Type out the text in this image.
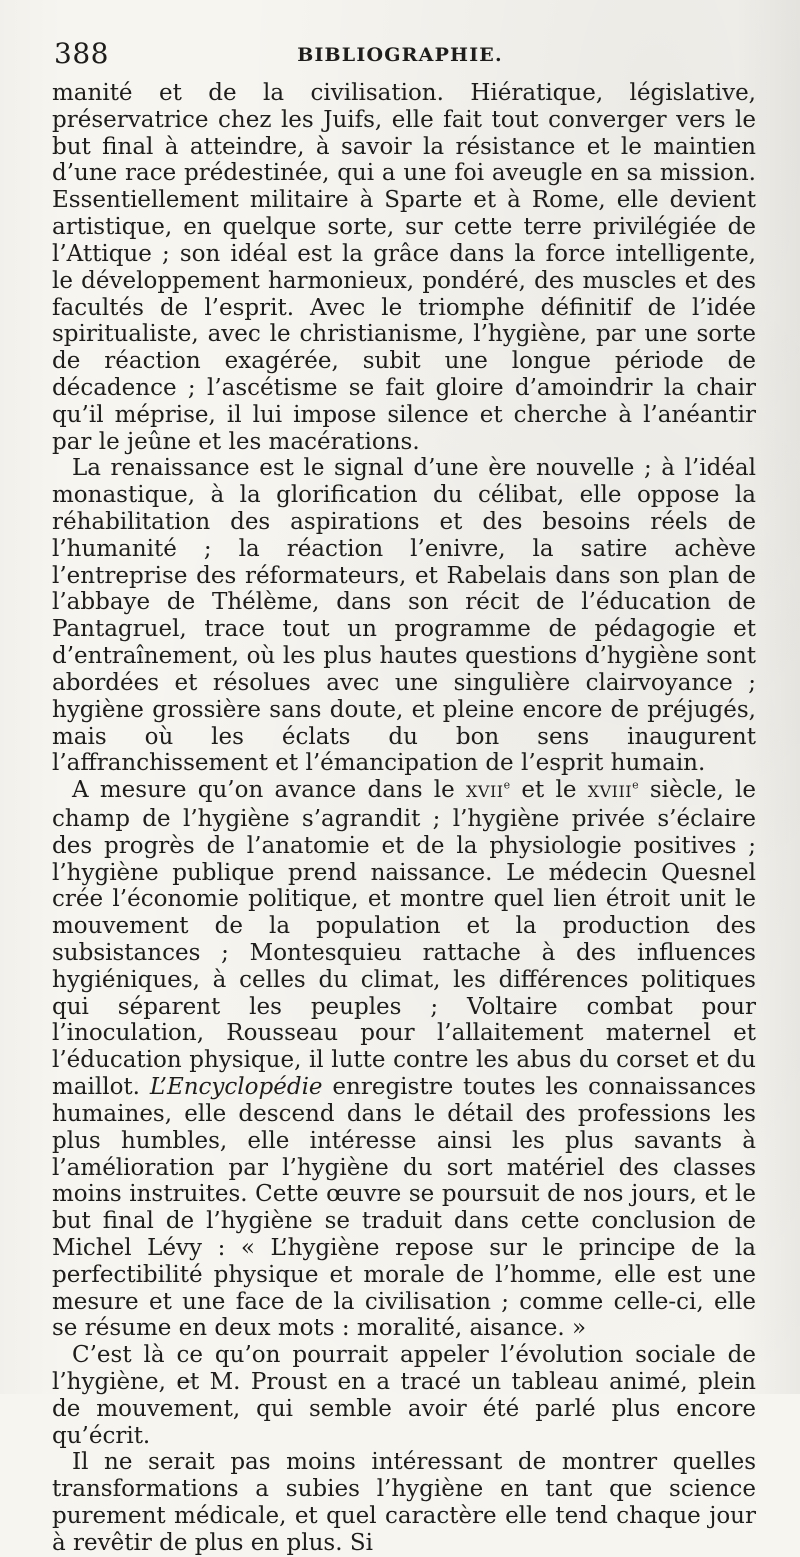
388	BIBLIOGRAPHIE.

manité et de la civilisation. Hiératique, législative, préservatrice chez les Juifs, elle fait tout converger vers le but final à atteindre, à savoir la résistance et le maintien d’une race prédestinée, qui a une foi aveugle en sa mission. Essentiellement militaire à Sparte et à Rome, elle devient artistique, en quelque sorte, sur cette terre privilégiée de l’Attique ; son idéal est la grâce dans la force intelligente, le développement harmonieux, pondéré, des muscles et des facultés de l’esprit. Avec le triomphe définitif de l’idée spiritualiste, avec le christianisme, l’hygiène, par une sorte de réaction exagérée, subit une longue période de décadence ; l’ascétisme se fait gloire d’amoindrir la chair qu’il méprise, il lui impose silence et cherche à l’anéantir par le jeûne et les macérations.

La renaissance est le signal d’une ère nouvelle ; à l’idéal monastique, à la glorification du célibat, elle oppose la réhabilitation des aspirations et des besoins réels de l’humanité ; la réaction l’enivre, la satire achève l’entreprise des réformateurs, et Rabelais dans son plan de l’abbaye de Thélème, dans son récit de l’éducation de Pantagruel, trace tout un programme de pédagogie et d’entraînement, où les plus hautes questions d’hygiène sont abordées et résolues avec une singulière clairvoyance ; hygiène grossière sans doute, et pleine encore de préjugés, mais où les éclats du bon sens inaugurent l’affranchissement et l’émancipation de l’esprit humain.

A mesure qu’on avance dans le XVIIe et le XVIIIe siècle, le champ de l’hygiène s’agrandit ; l’hygiène privée s’éclaire des progrès de l’anatomie et de la physiologie positives ; l’hygiène publique prend naissance. Le médecin Quesnel crée l’économie politique, et montre quel lien étroit unit le mouvement de la population et la production des subsistances ; Montesquieu rattache à des influences hygiéniques, à celles du climat, les différences politiques qui séparent les peuples ; Voltaire combat pour l’inoculation, Rousseau pour l’allaitement maternel et l’éducation physique, il lutte contre les abus du corset et du maillot. L’Encyclopédie enregistre toutes les connaissances humaines, elle descend dans le détail des professions les plus humbles, elle intéresse ainsi les plus savants à l’amélioration par l’hygiène du sort matériel des classes moins instruites. Cette œuvre se poursuit de nos jours, et le but final de l’hygiène se traduit dans cette conclusion de Michel Lévy : « L’hygiène repose sur le principe de la perfectibilité physique et morale de l’homme, elle est une mesure et une face de la civilisation ; comme celle-ci, elle se résume en deux mots : moralité, aisance. »

C’est là ce qu’on pourrait appeler l’évolution sociale de l’hygiène, et M. Proust en a tracé un tableau animé, plein de mouvement, qui semble avoir été parlé plus encore qu’écrit.

Il ne serait pas moins intéressant de montrer quelles transformations a subies l’hygiène en tant que science purement médicale, et quel caractère elle tend chaque jour à revêtir de plus en plus. Si
